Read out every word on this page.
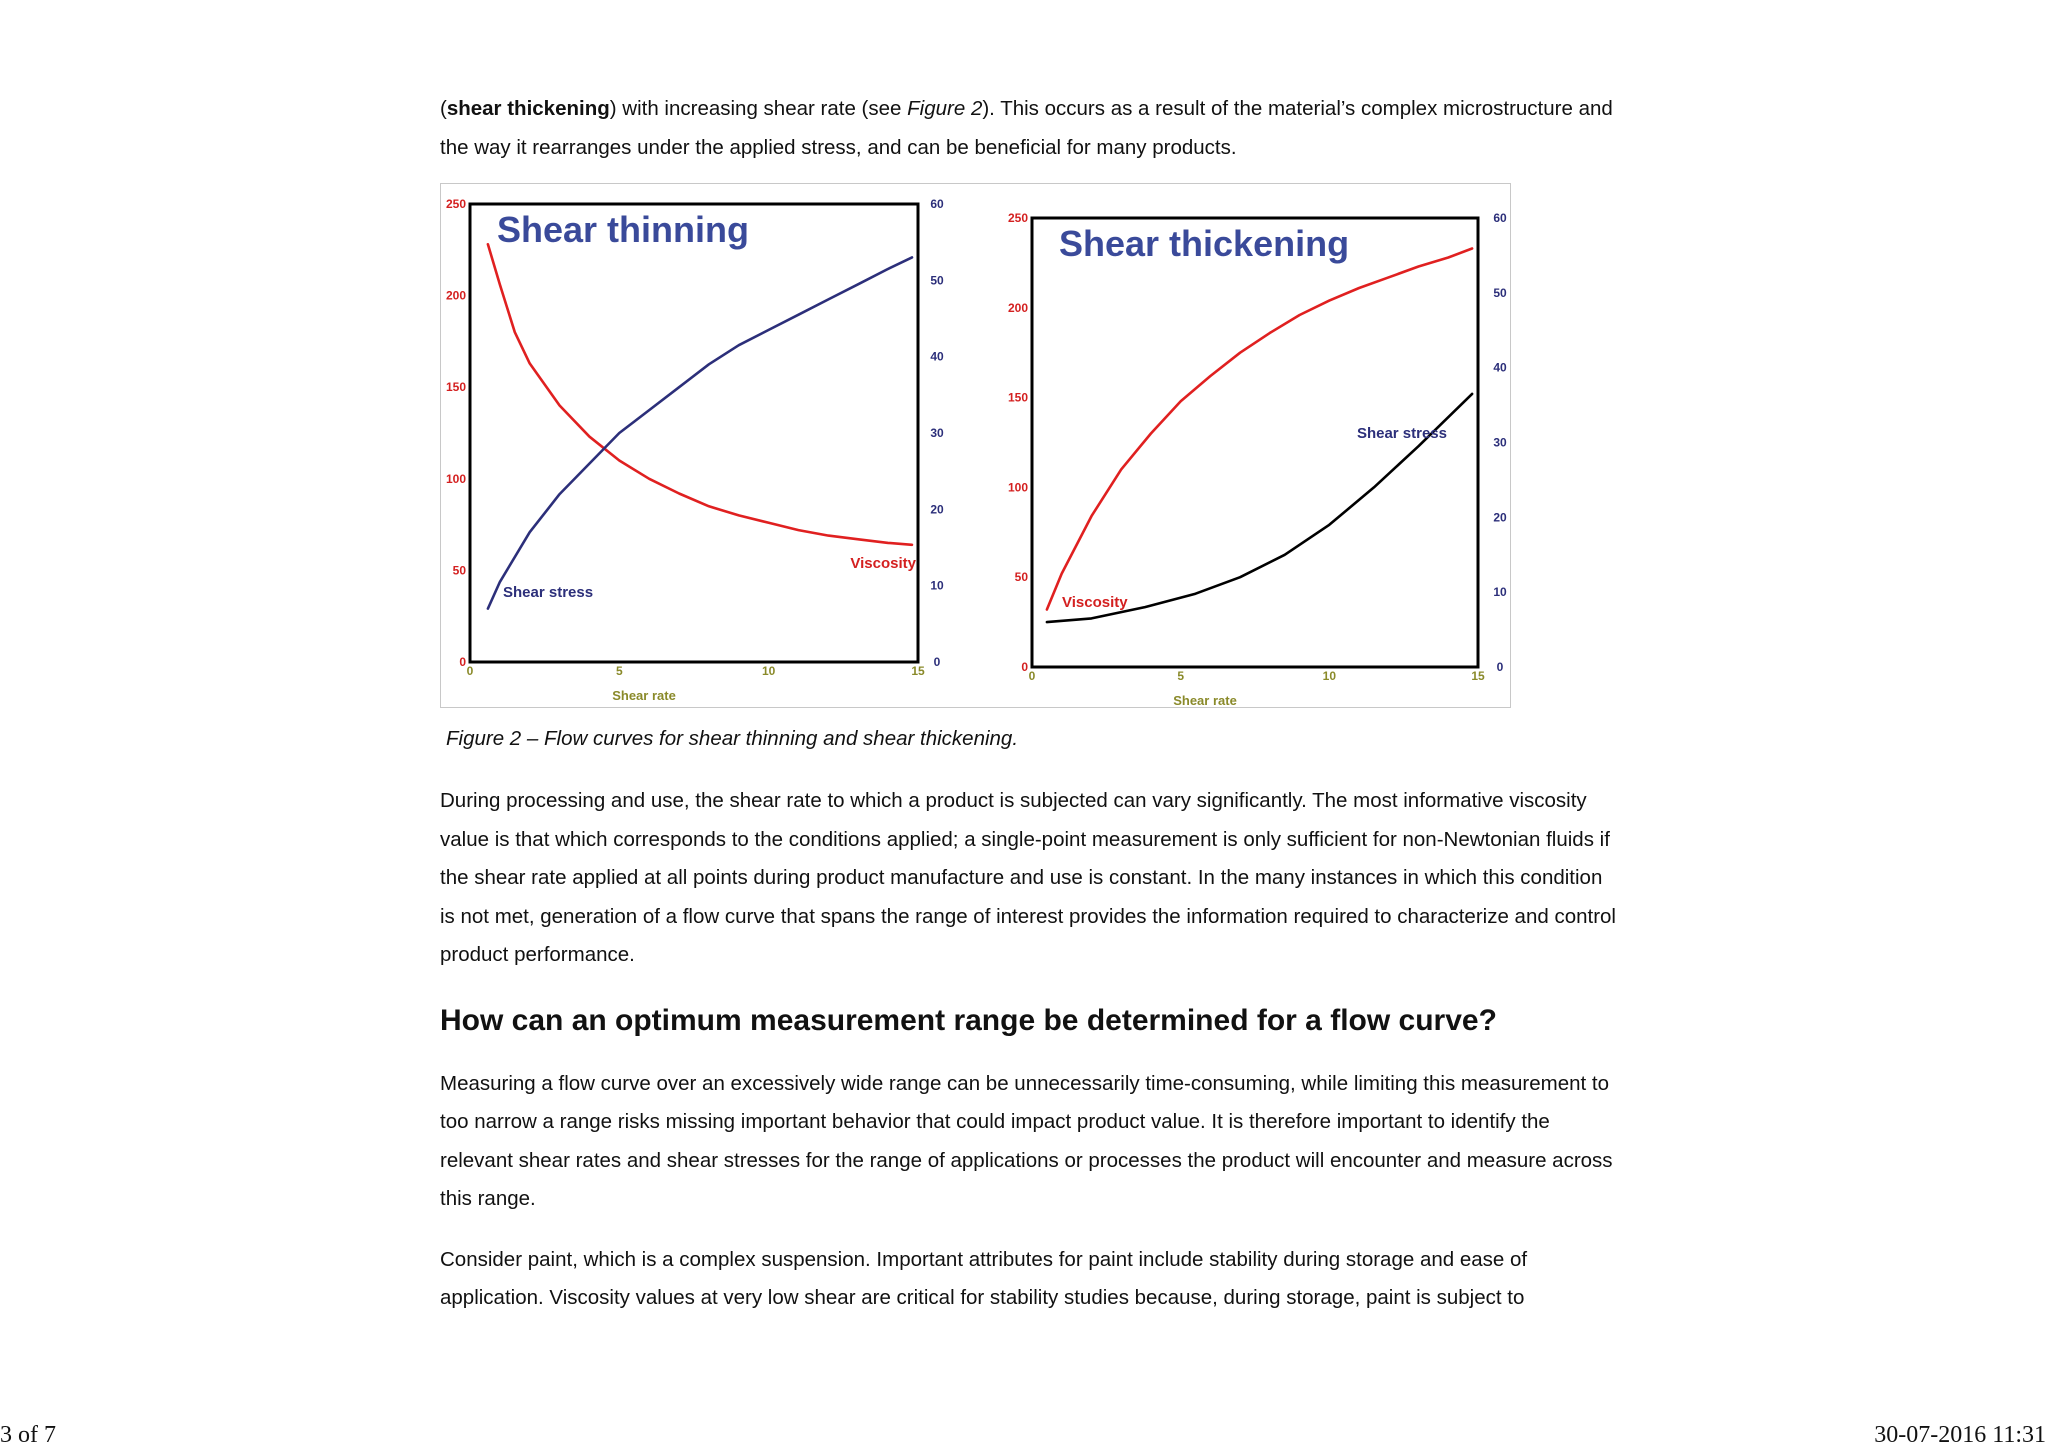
(shear thickening) with increasing shear rate (see Figure 2). This occurs as a result of the material’s complex microstructure and the way it rearranges under the applied stress, and can be beneficial for many products.

0
50
100
150
200
250
0
10
20
30
40
50
60
0	5	10	15
Shear rate
Shear thinning
Shear stress
Viscosity
0
50
100
150
200
250
0
10
20
30
40
50
60
0	5	10	15
Shear rate
Shear thickening
Shear stress
Viscosity
Figure 2 – Flow curves for shear thinning and shear thickening.

During processing and use, the shear rate to which a product is subjected can vary significantly. The most informative viscosity value is that which corresponds to the conditions applied; a single-point measurement is only sufficient for non-Newtonian fluids if the shear rate applied at all points during product manufacture and use is constant. In the many instances in which this condition is not met, generation of a flow curve that spans the range of interest provides the information required to characterize and control product performance.

How can an optimum measurement range be determined for a flow curve?

Measuring a flow curve over an excessively wide range can be unnecessarily time-consuming, while limiting this measurement to too narrow a range risks missing important behavior that could impact product value. It is therefore important to identify the relevant shear rates and shear stresses for the range of applications or processes the product will encounter and measure across this range.

Consider paint, which is a complex suspension. Important attributes for paint include stability during storage and ease of application. Viscosity values at very low shear are critical for stability studies because, during storage, paint is subject to

3 of 7	30-07-2016 11:31
